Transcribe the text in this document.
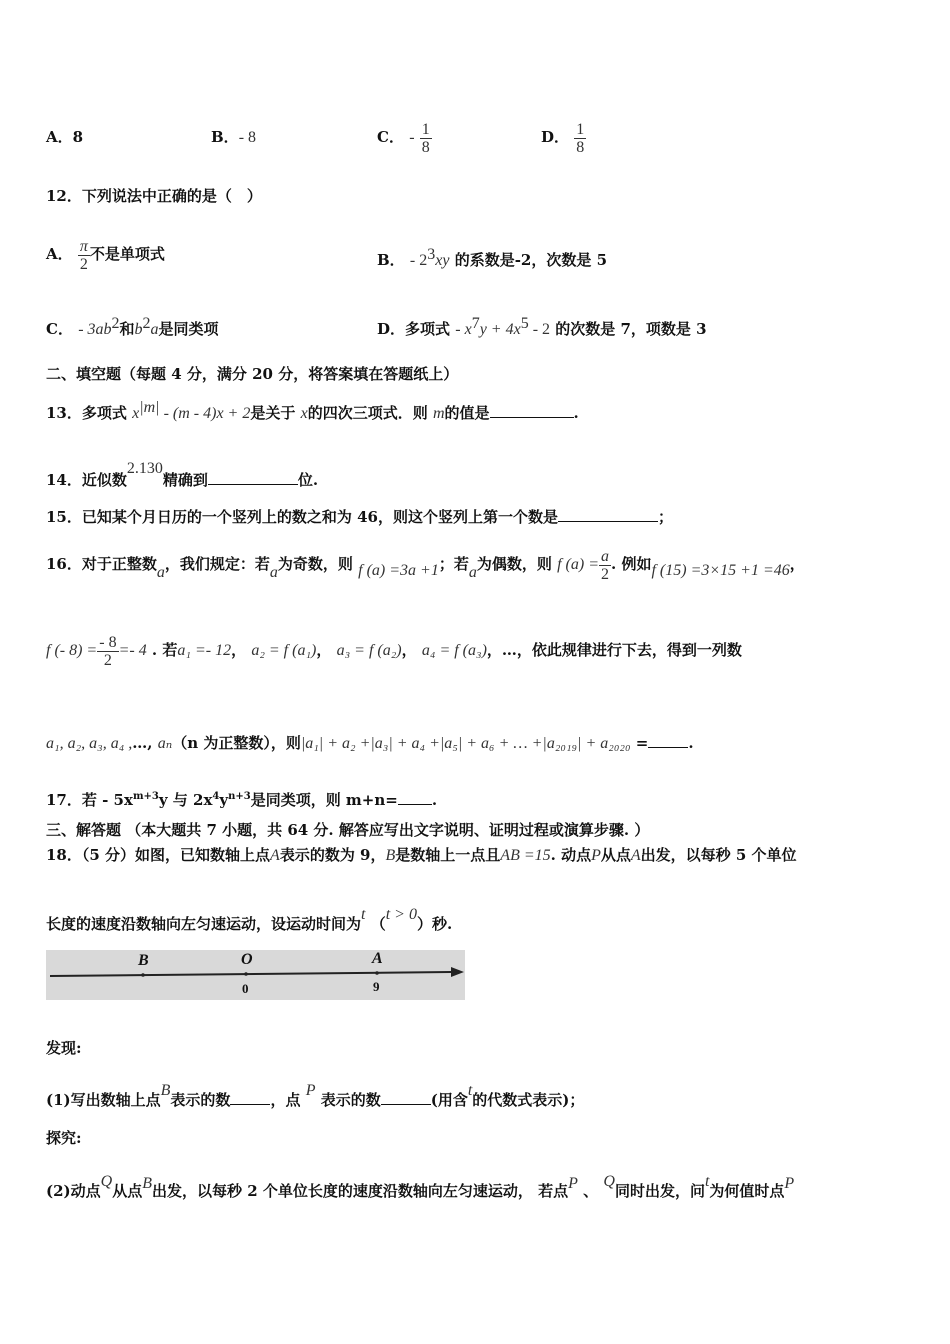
A．8	B．- 8	C． - $\frac{1}{8}$	D． $\frac{1}{8}$
12．下列说法中正确的是（　）
A． $\frac{\pi}{2}$ 不是单项式	B． - $2^3xy$ 的系数是-2，次数是 5
C． - $3ab^2$和$b^2a$是同类项	D．多项式 - $x^7y + 4x^5 - 2$ 的次数是 7，项数是 3
二、填空题（每题 4 分，满分 20 分，将答案填在答题纸上）
13．多项式 $x^{|m|} - (m - 4)x + 2$是关于 x的四次三项式．则 m的值是	.
14．近似数2.130精确到	位.
15．已知某个月日历的一个竖列上的数之和为 46，则这个竖列上第一个数是	；
16．对于正整数a，我们规定：若a为奇数，则 f (a) =3a +1；若a为偶数，则 f $(a) = \frac{a}{2}$ . 例如f (15) =3×15 +1 =46，
f (- $8) = \frac{- 8}{2} =- 4$ . 若a₁ =- 12， a₂ = f (a₁)， a₃ = f (a₂)， a₄ = f (a₃)，…，依此规律进行下去，得到一列数
a₁, a₂, a₃, a₄ ,…, aₙ（n 为正整数），则|a₁| + a₂ +|a₃| + a₄ +|a₅| + a₆ + … +|a₂₀₁₉| + a₂₀₂₀ =	.
17．若 - $5x^{m+3}y$ 与 $2x^4y^{n+3}$是同类项，则 m+n= .
三、解答题 （本大题共 7 小题，共 64 分. 解答应写出文字说明、证明过程或演算步骤. ）
18．（5 分）如图，已知数轴上点A表示的数为 9，B是数轴上一点且AB =15. 动点P从点A出发，以每秒 5 个单位
长度的速度沿数轴向左匀速运动，设运动时间为t （t > 0）秒.
B	O	A
0	9
发现:
(1)写出数轴上点B表示的数	，点 P 表示的数	(用含t的代数式表示)；
探究:
(2)动点Q从点B出发，以每秒 2 个单位长度的速度沿数轴向左匀速运动， 若点P 、 Q同时出发，问t为何值时点P
